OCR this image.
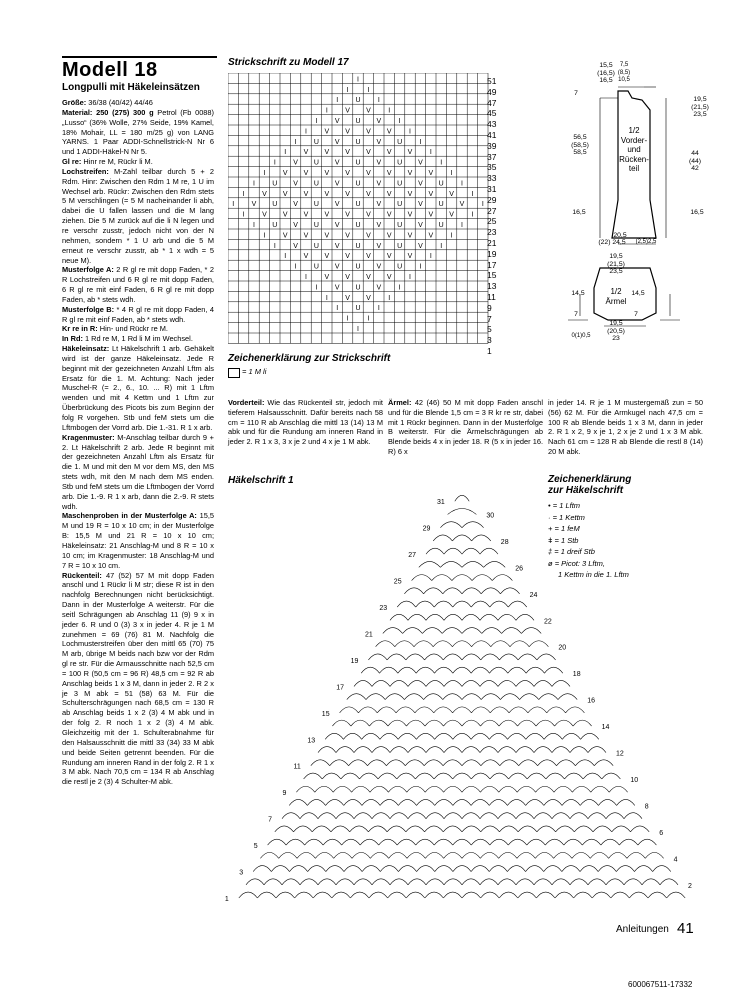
Modell 18
Longpulli mit Häkeleinsätzen

Größe: 36/38 (40/42) 44/46

Material: 250 (275) 300 g Petrol (Fb 0088) „Lusso“ (36% Wolle, 27% Seide, 19% Kamel, 18% Mohair, LL = 180 m/25 g) von LANG YARNS. 1 Paar ADDI-Schnellstrick-N Nr 6 und 1 ADDI-Häkel-N Nr 5.

Gl re: Hinr re M, Rückr li M.

Lochstreifen: M-Zahl teilbar durch 5 + 2 Rdm. Hinr: Zwischen den Rdm 1 M re, 1 U im Wechsel arb. Rückr: Zwischen den Rdm stets 5 M verschlingen (= 5 M nacheinander li abh, dabei die U fallen lassen und die M lang ziehen. Die 5 M zurück auf die li N legen und re verschr zusstr, jedoch nicht von der N nehmen, sondern * 1 U arb und die 5 M erneut re verschr zusstr, ab * 1 x wdh = 5 neue M).

Musterfolge A: 2 R gl re mit dopp Faden, * 2 R Lochstreifen und 6 R gl re mit dopp Faden, 6 R gl re mit einf Faden, 6 R gl re mit dopp Faden, ab * stets wdh.

Musterfolge B: * 4 R gl re mit dopp Faden, 4 R gl re mit einf Faden, ab * stets wdh.

Kr re in R: Hin- und Rückr re M.

In Rd: 1 Rd re M, 1 Rd li M im Wechsel.

Häkeleinsatz: Lt Häkelschrift 1 arb. Gehäkelt wird ist der ganze Häkeleinsatz. Jede R beginnt mit der gezeichneten Anzahl Lftm als Ersatz für die 1. M. Achtung: Nach jeder Muschel-R (= 2., 6., 10. ... R) mit 1 Lftm wenden und mit 4 Kettm und 1 Lftm zur Überbrückung des Picots bis zum Beginn der folg R vorgehen. Stb und feM stets um die Lftmbogen der Vorrd arb. Die 1.-31. R 1 x arb.

Kragenmuster: M-Anschlag teilbar durch 9 + 2. Lt Häkelschrift 2 arb. Jede R beginnt mit der gezeichneten Anzahl Lftm als Ersatz für die 1. M und mit den M vor dem MS, den MS stets wdh, mit den M nach dem MS enden. Stb und feM stets um die Lftmbogen der Vorrd arb. Die 1.-9. R 1 x arb, dann die 2.-9. R stets wdh.

Maschenproben in der Musterfolge A: 15,5 M und 19 R = 10 x 10 cm; in der Musterfolge B: 15,5 M und 21 R = 10 x 10 cm; Häkeleinsatz: 21 Anschlag-M und 8 R = 10 x 10 cm; im Kragenmuster: 18 Anschlag-M und 7 R = 10 x 10 cm.

Rückenteil: 47 (52) 57 M mit dopp Faden anschl und 1 Rückr li M str; diese R ist in den nachfolg Berechnungen nicht berücksichtigt. Dann in der Musterfolge A weiterstr. Für die seitl Schrägungen ab Anschlag 11 (9) 9 x in jeder 6. R und 0 (3) 3 x in jeder 4. R je 1 M zunehmen = 69 (76) 81 M. Nachfolg die Lochmusterstreifen über den mittl 65 (70) 75 M arb, übrige M beids nach bzw vor der Rdm gl re str. Für die Armausschnitte nach 52,5 cm = 100 R (50,5 cm = 96 R) 48,5 cm = 92 R ab Anschlag beids 1 x 3 M, dann in jeder 2. R 2 x je 3 M abk = 51 (58) 63 M. Für die Schulterschrägungen nach 68,5 cm = 130 R ab Anschlag beids 1 x 2 (3) 4 M abk und in der folg 2. R noch 1 x 2 (3) 4 M abk. Gleichzeitig mit der 1. Schulterabnahme für den Halsausschnitt die mittl 33 (34) 33 M abk und beide Seiten getrennt beenden. Für die Rundung am inneren Rand in der folg 2. R 1 x 3 M abk. Nach 70,5 cm = 134 R ab Anschlag die restl je 2 (3) 4 Schulter-M abk.

Strickschrift zu Modell 17
I
I	I
I U I
I V V I
I V U V I
I V V V V I
I U V U V U I
I V V V V V V I
I V U V U V U V I
I V V V V V V V V I
I U V U V U V U V U I
I V V V V V V V V V V I
I V U V U V U V U V U V I
I V V V V V V V V V V I
I U V U V U V U V U I
I V V V V V V V V I
I V U V U V U V I
I V V V V V V I
I U V U V U I
I V V V V I
I V U V I
I V V I
I U I
I	I
I
51
49
47
45
43
41
39
37
35
33
31
29
27
25
23
21
19
17
15
13
11
9
7
5
3
1
Zeichenerklärung zur Strickschrift
= 1 M li
15,5
(16,5)
16,5
7,5
(8,5)
10,5
7
19,5
(21,5)
23,5
56,5
(58,5)
58,5	44
(44)
42
1/2
Vorder-
und
Rücken-
teil
16,5	16,5
20,5
(22) 24,5	(2,5)2,5
19,5
(21,5)
23,5
14,5	14,5
1/2
Ärmel
7	7
19,5
(20,5)
23
0(1)0,5
Vorderteil: Wie das Rückenteil str, jedoch mit tieferem Halsausschnitt. Dafür bereits nach 58 cm = 110 R ab Anschlag die mittl 13 (14) 13 M abk und für die Rundung am inneren Rand in jeder 2. R 1 x 3, 3 x je 2 und 4 x je 1 M abk.
Ärmel: 42 (46) 50 M mit dopp Faden anschl und für die Blende 1,5 cm = 3 R kr re str, dabei mit 1 Rückr beginnen. Dann in der Musterfolge B weiterstr. Für die Ärmelschrägungen ab Blende beids 4 x in jeder 18. R (5 x in jeder 16. R) 6 x
in jeder 14. R je 1 M mustergemäß zun = 50 (56) 62 M. Für die Armkugel nach 47,5 cm = 100 R ab Blende beids 1 x 3 M, dann in jeder 2. R 1 x 2, 9 x je 1, 2 x je 2 und 1 x 3 M abk. Nach 61 cm = 128 R ab Blende die restl 8 (14) 20 M abk.
Häkelschrift 1
31
29
27
25
23
21
19
17
15
13
11
9
7
5
3
1
30
28
26
24
22
20
18
16
14
12
10
8
6
4
2
Zeichenerklärung
zur Häkelschrift
• = 1 Lftm
· = 1 Kettm
+ = 1 feM
ǂ = 1 Stb
‡ = 1 dreif Stb
ø = Picot: 3 Lftm,
1 Kettm in die 1. Lftm
Anleitungen 41
600067511-17332
